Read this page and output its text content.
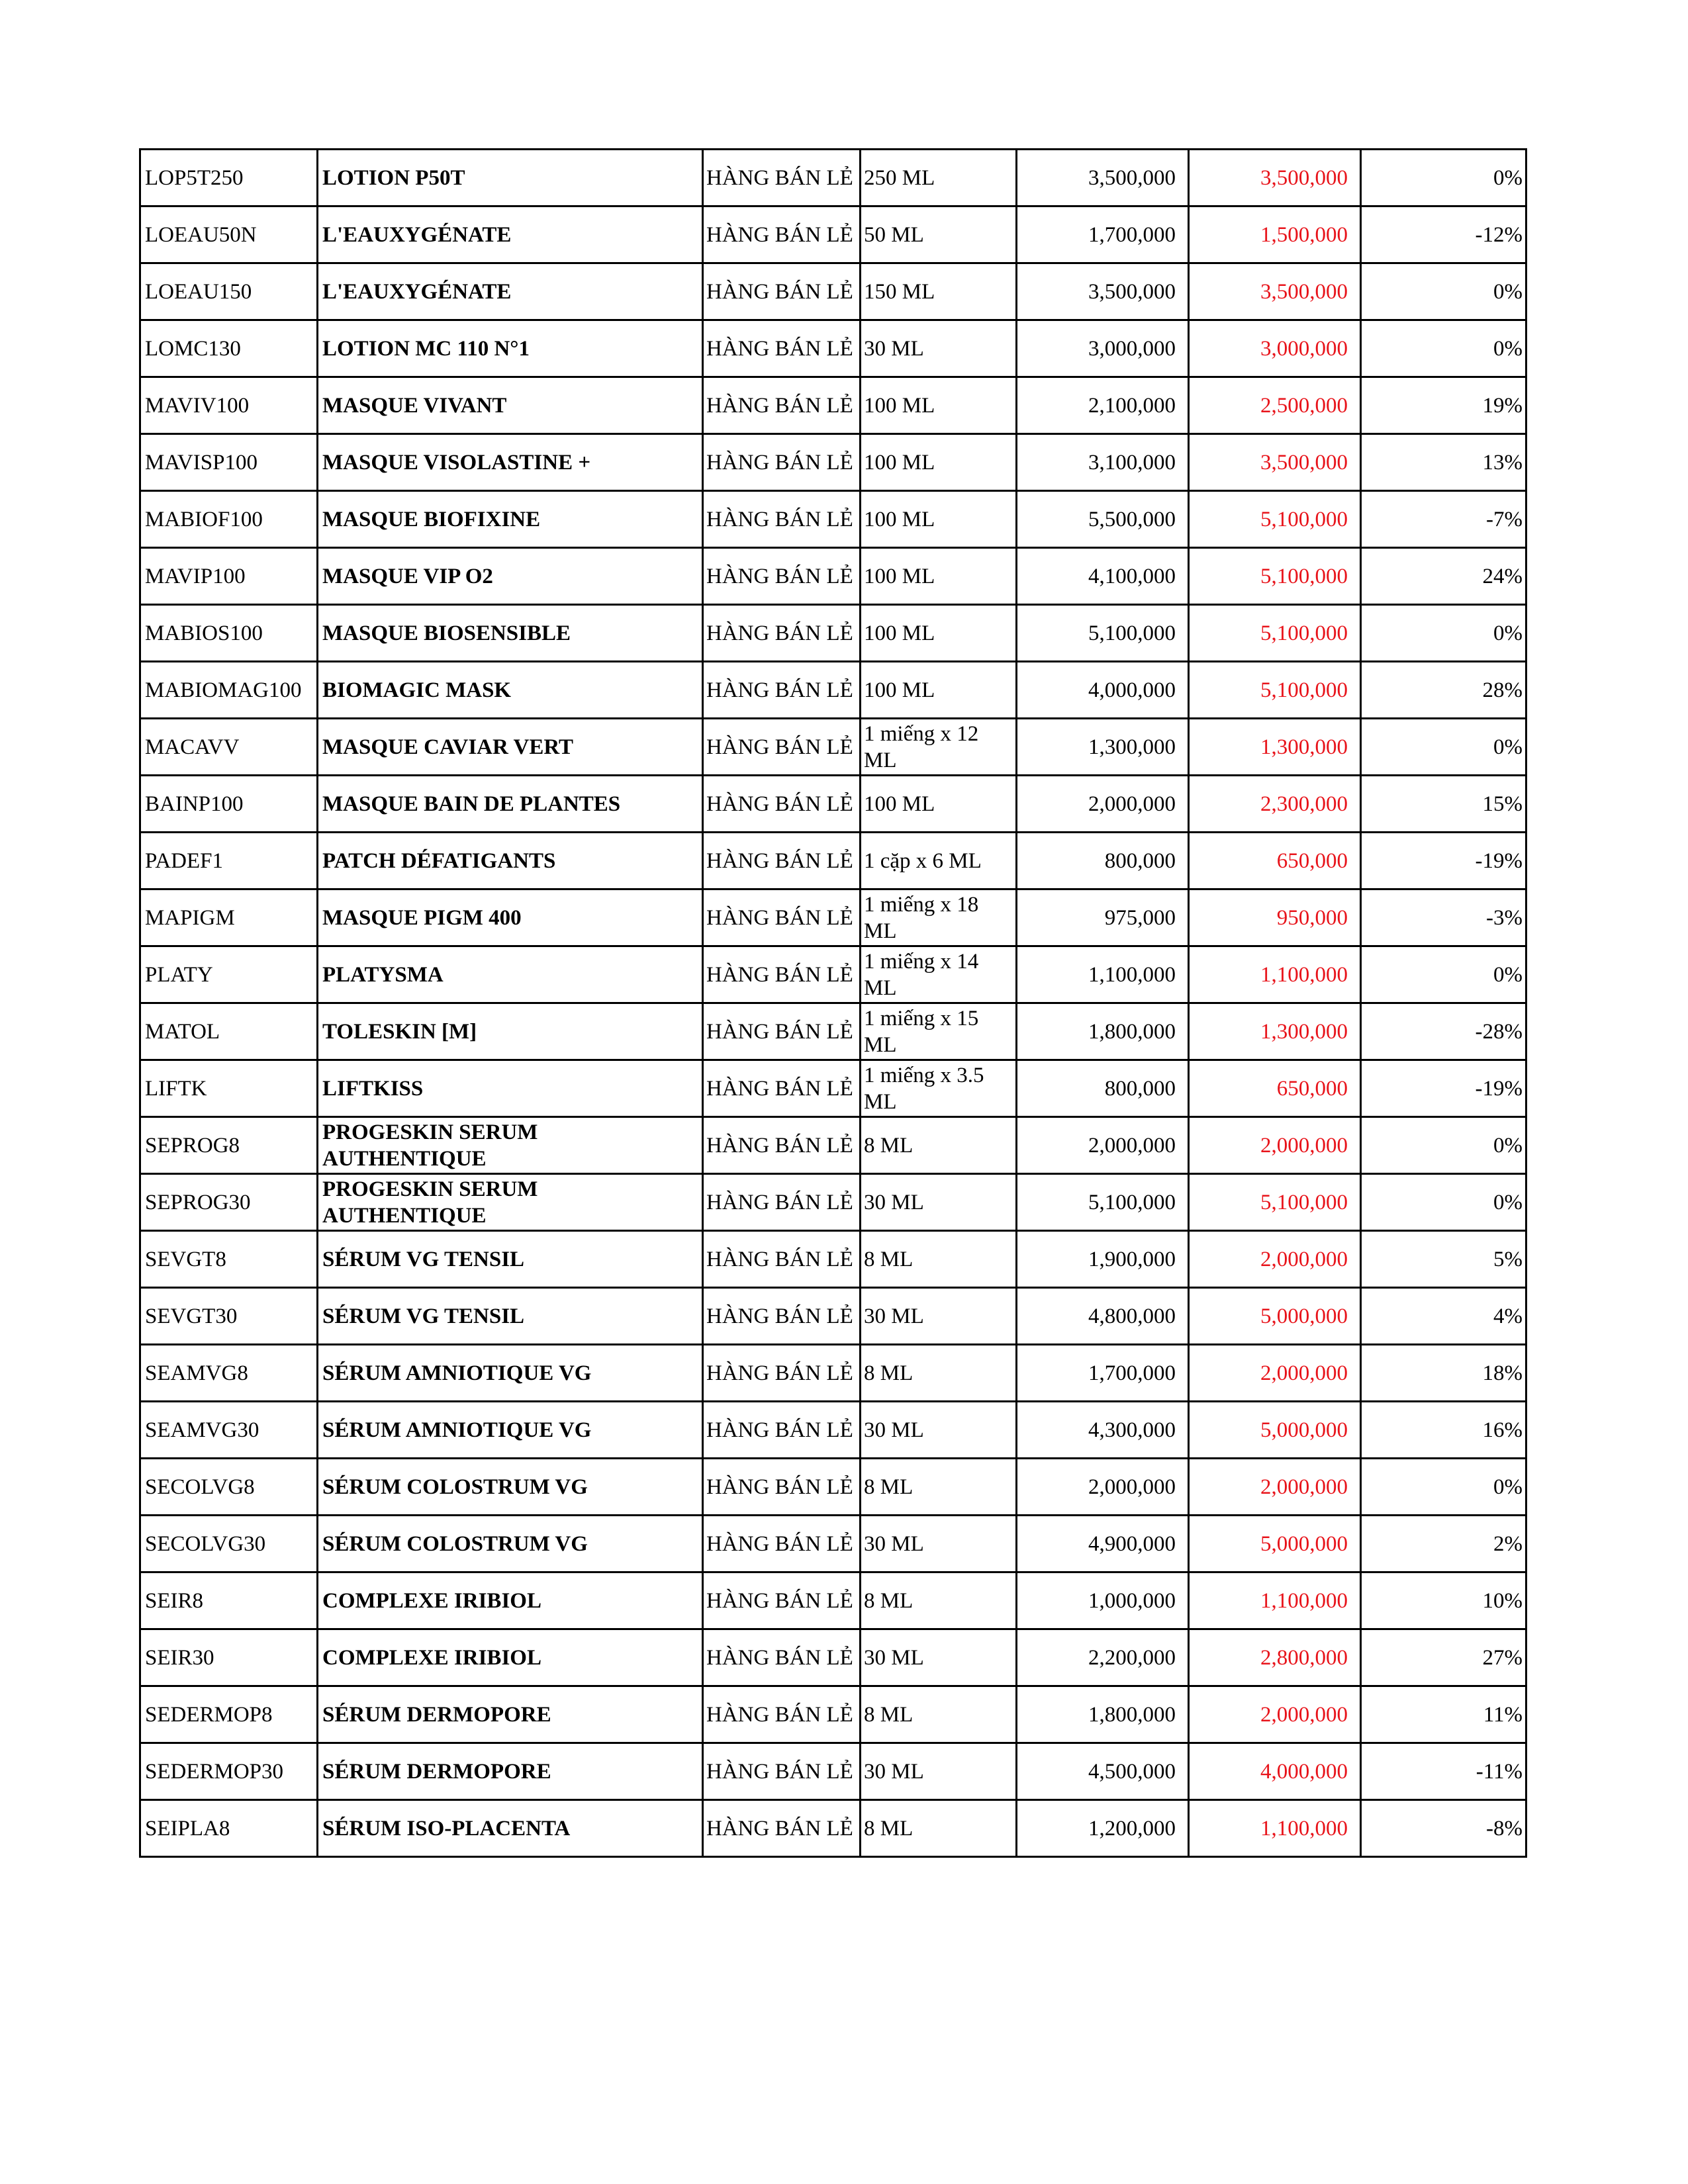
LOP5T250	LOTION P50T	HÀNG BÁN LẺ	250 ML	3,500,000	3,500,000	0%
LOEAU50N	L'EAUXYGÉNATE	HÀNG BÁN LẺ	50 ML	1,700,000	1,500,000	-12%
LOEAU150	L'EAUXYGÉNATE	HÀNG BÁN LẺ	150 ML	3,500,000	3,500,000	0%
LOMC130	LOTION MC 110 N°1	HÀNG BÁN LẺ	30 ML	3,000,000	3,000,000	0%
MAVIV100	MASQUE VIVANT	HÀNG BÁN LẺ	100 ML	2,100,000	2,500,000	19%
MAVISP100	MASQUE VISOLASTINE +	HÀNG BÁN LẺ	100 ML	3,100,000	3,500,000	13%
MABIOF100	MASQUE BIOFIXINE	HÀNG BÁN LẺ	100 ML	5,500,000	5,100,000	-7%
MAVIP100	MASQUE VIP O2	HÀNG BÁN LẺ	100 ML	4,100,000	5,100,000	24%
MABIOS100	MASQUE BIOSENSIBLE	HÀNG BÁN LẺ	100 ML	5,100,000	5,100,000	0%
MABIOMAG100	BIOMAGIC MASK	HÀNG BÁN LẺ	100 ML	4,000,000	5,100,000	28%
MACAVV	MASQUE CAVIAR VERT	HÀNG BÁN LẺ	1 miếng x 12 ML	1,300,000	1,300,000	0%
BAINP100	MASQUE BAIN DE PLANTES	HÀNG BÁN LẺ	100 ML	2,000,000	2,300,000	15%
PADEF1	PATCH DÉFATIGANTS	HÀNG BÁN LẺ	1 cặp x 6 ML	800,000	650,000	-19%
MAPIGM	MASQUE PIGM 400	HÀNG BÁN LẺ	1 miếng x 18 ML	975,000	950,000	-3%
PLATY	PLATYSMA	HÀNG BÁN LẺ	1 miếng x 14 ML	1,100,000	1,100,000	0%
MATOL	TOLESKIN [M]	HÀNG BÁN LẺ	1 miếng x 15 ML	1,800,000	1,300,000	-28%
LIFTK	LIFTKISS	HÀNG BÁN LẺ	1 miếng x 3.5 ML	800,000	650,000	-19%
SEPROG8	PROGESKIN SERUM AUTHENTIQUE	HÀNG BÁN LẺ	8 ML	2,000,000	2,000,000	0%
SEPROG30	PROGESKIN SERUM AUTHENTIQUE	HÀNG BÁN LẺ	30 ML	5,100,000	5,100,000	0%
SEVGT8	SÉRUM VG TENSIL	HÀNG BÁN LẺ	8 ML	1,900,000	2,000,000	5%
SEVGT30	SÉRUM VG TENSIL	HÀNG BÁN LẺ	30 ML	4,800,000	5,000,000	4%
SEAMVG8	SÉRUM AMNIOTIQUE VG	HÀNG BÁN LẺ	8 ML	1,700,000	2,000,000	18%
SEAMVG30	SÉRUM AMNIOTIQUE VG	HÀNG BÁN LẺ	30 ML	4,300,000	5,000,000	16%
SECOLVG8	SÉRUM COLOSTRUM VG	HÀNG BÁN LẺ	8 ML	2,000,000	2,000,000	0%
SECOLVG30	SÉRUM COLOSTRUM VG	HÀNG BÁN LẺ	30 ML	4,900,000	5,000,000	2%
SEIR8	COMPLEXE IRIBIOL	HÀNG BÁN LẺ	8 ML	1,000,000	1,100,000	10%
SEIR30	COMPLEXE IRIBIOL	HÀNG BÁN LẺ	30 ML	2,200,000	2,800,000	27%
SEDERMOP8	SÉRUM DERMOPORE	HÀNG BÁN LẺ	8 ML	1,800,000	2,000,000	11%
SEDERMOP30	SÉRUM DERMOPORE	HÀNG BÁN LẺ	30 ML	4,500,000	4,000,000	-11%
SEIPLA8	SÉRUM ISO-PLACENTA	HÀNG BÁN LẺ	8 ML	1,200,000	1,100,000	-8%
